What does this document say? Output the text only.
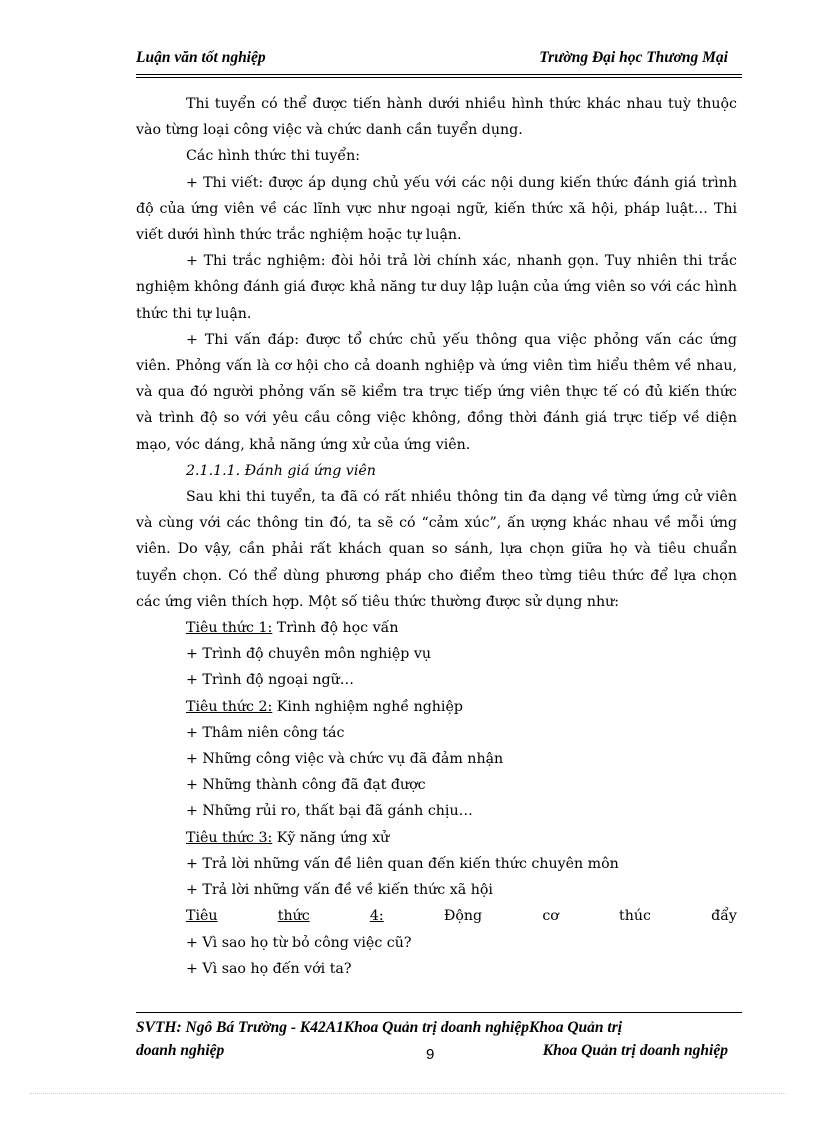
Luận văn tốt nghiệp	Trường Đại học Thương Mại

Thi tuyển có thể được tiến hành dưới nhiều hình thức khác nhau tuỳ thuộc vào từng loại công việc và chức danh cần tuyển dụng.

Các hình thức thi tuyển:

+ Thi viết: được áp dụng chủ yếu với các nội dung kiến thức đánh giá trình độ của ứng viên về các lĩnh vực như ngoại ngữ, kiến thức xã hội, pháp luật… Thi viết dưới hình thức trắc nghiệm hoặc tự luận.

+ Thi trắc nghiệm: đòi hỏi trả lời chính xác, nhanh gọn. Tuy nhiên thi trắc nghiệm không đánh giá được khả năng tư duy lập luận của ứng viên so với các hình thức thi tự luận.

+ Thi vấn đáp: được tổ chức chủ yếu thông qua việc phỏng vấn các ứng viên. Phỏng vấn là cơ hội cho cả doanh nghiệp và ứng viên tìm hiểu thêm về nhau, và qua đó người phỏng vấn sẽ kiểm tra trực tiếp ứng viên thực tế có đủ kiến thức và trình độ so với yêu cầu công việc không, đồng thời đánh giá trực tiếp về diện mạo, vóc dáng, khả năng ứng xử của ứng viên.

2.1.1.1. Đánh giá ứng viên

Sau khi thi tuyển, ta đã có rất nhiều thông tin đa dạng về từng ứng cử viên và cùng với các thông tin đó, ta sẽ có “cảm xúc”, ấn ượng khác nhau về mỗi ứng viên. Do vậy, cần phải rất khách quan so sánh, lựa chọn giữa họ và tiêu chuẩn tuyển chọn. Có thể dùng phương pháp cho điểm theo từng tiêu thức để lựa chọn các ứng viên thích hợp. Một số tiêu thức thường được sử dụng như:

Tiêu thức 1: Trình độ học vấn

+ Trình độ chuyên môn nghiệp vụ

+ Trình độ ngoại ngữ…

Tiêu thức 2: Kinh nghiệm nghề nghiệp

+ Thâm niên công tác

+ Những công việc và chức vụ đã đảm nhận

+ Những thành công đã đạt được

+ Những rủi ro, thất bại đã gánh chịu…

Tiêu thức 3: Kỹ năng ứng xử

+ Trả lời những vấn đề liên quan đến kiến thức chuyên môn

+ Trả lời những vấn đề về kiến thức xã hội

Tiêu	thức	4:	Động	cơ	thúc	đẩy

+ Vì sao họ từ bỏ công việc cũ?

+ Vì sao họ đến với ta?

SVTH: Ngô Bá Trường - K42A1Khoa Quản trị doanh nghiệpKhoa Quản trị
doanh nghiệp	9	Khoa Quản trị doanh nghiệp
